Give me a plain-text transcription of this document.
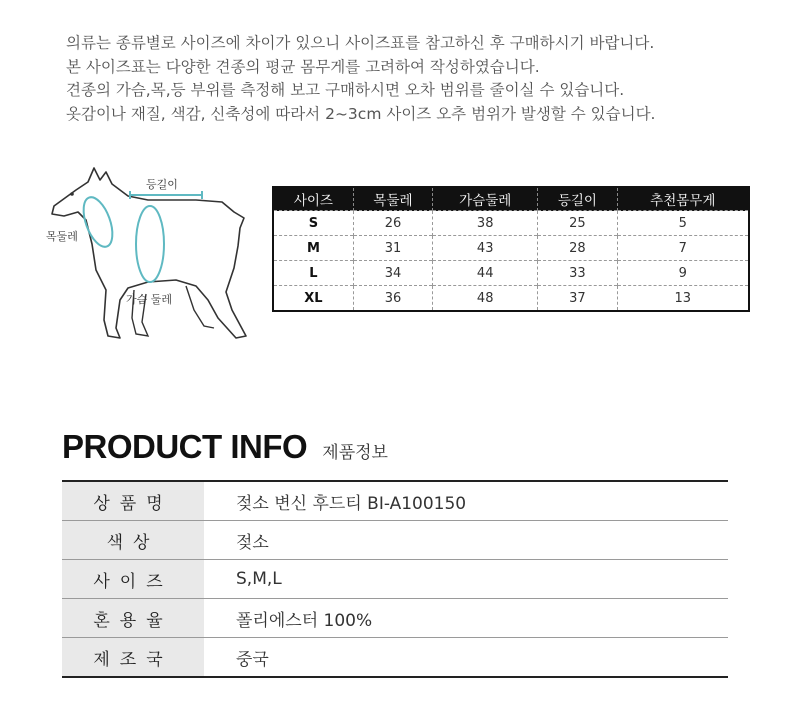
의류는 종류별로 사이즈에 차이가 있으니 사이즈표를 참고하신 후 구매하시기 바랍니다.

본 사이즈표는 다양한 견종의 평균 몸무게를 고려하여 작성하였습니다.

견종의 가슴,목,등 부위를 측정해 보고 구매하시면 오차 범위를 줄이실 수 있습니다.

옷감이나 재질, 색감, 신축성에 따라서 2~3cm 사이즈 오추 범위가 발생할 수 있습니다.

등길이
목둘레
가슴 둘레
사이즈	목둘레	가슴둘레	등길이	추천몸무게
S	26	38	25	5
M	31	43	28	7
L	34	44	33	9
XL	36	48	37	13
PRODUCT INFO 제품정보
상품명	젖소 변신 후드티 BI-A100150
색상	젖소
사이즈	S,M,L
혼용율	폴리에스터 100%
제조국	중국
